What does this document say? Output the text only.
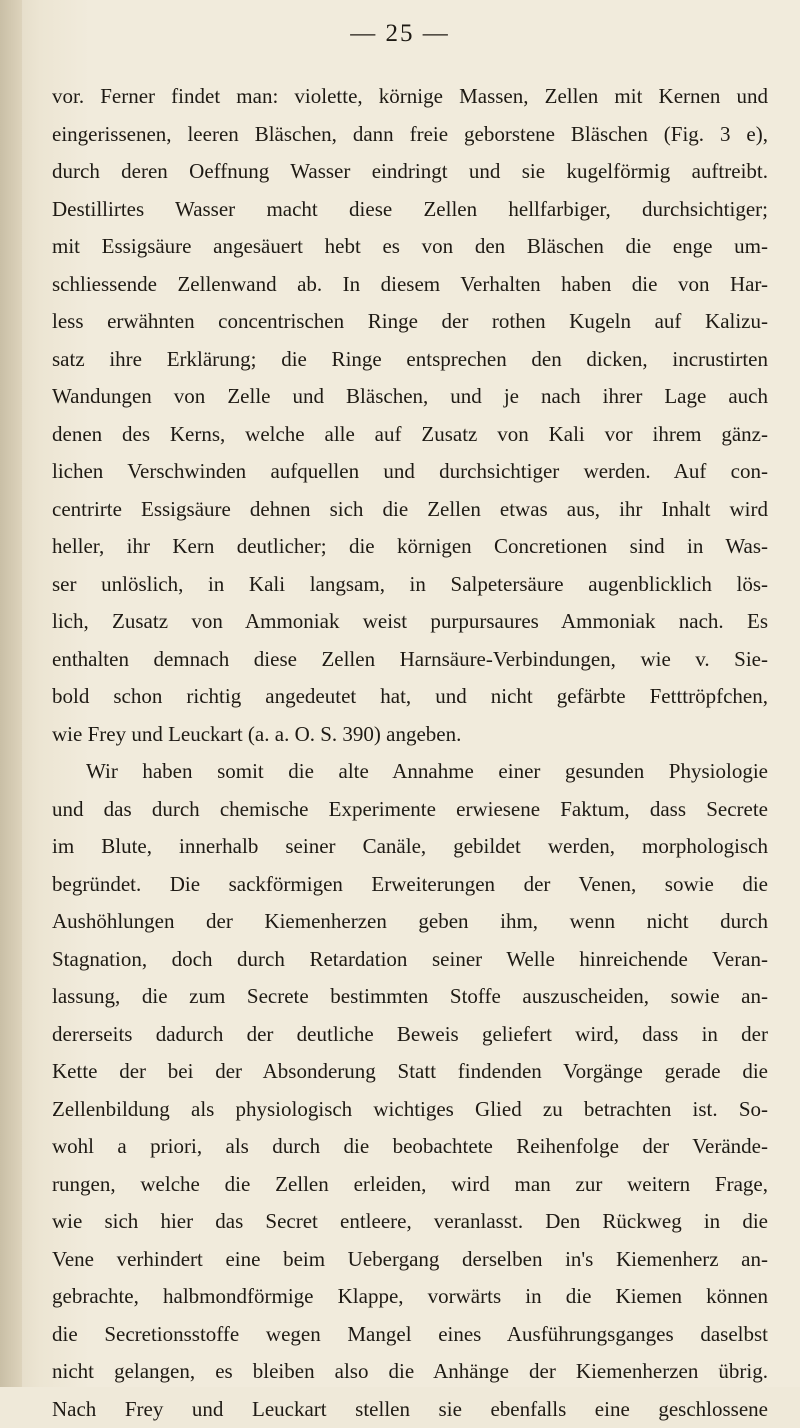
— 25 —
vor. Ferner findet man: violette, körnige Massen, Zellen mit Kernen und
eingerissenen, leeren Bläschen, dann freie geborstene Bläschen (Fig. 3 e),
durch deren Oeffnung Wasser eindringt und sie kugelförmig auftreibt.
Destillirtes Wasser macht diese Zellen hellfarbiger, durchsichtiger;
mit Essigsäure angesäuert hebt es von den Bläschen die enge um-
schliessende Zellenwand ab. In diesem Verhalten haben die von Har-
less erwähnten concentrischen Ringe der rothen Kugeln auf Kalizu-
satz ihre Erklärung; die Ringe entsprechen den dicken, incrustirten
Wandungen von Zelle und Bläschen, und je nach ihrer Lage auch
denen des Kerns, welche alle auf Zusatz von Kali vor ihrem gänz-
lichen Verschwinden aufquellen und durchsichtiger werden. Auf con-
centrirte Essigsäure dehnen sich die Zellen etwas aus, ihr Inhalt wird
heller, ihr Kern deutlicher; die körnigen Concretionen sind in Was-
ser unlöslich, in Kali langsam, in Salpetersäure augenblicklich lös-
lich, Zusatz von Ammoniak weist purpursaures Ammoniak nach. Es
enthalten demnach diese Zellen Harnsäure-Verbindungen, wie v. Sie-
bold schon richtig angedeutet hat, und nicht gefärbte Fetttröpfchen,
wie Frey und Leuckart (a. a. O. S. 390) angeben.
Wir haben somit die alte Annahme einer gesunden Physiologie
und das durch chemische Experimente erwiesene Faktum, dass Secrete
im Blute, innerhalb seiner Canäle, gebildet werden, morphologisch
begründet. Die sackförmigen Erweiterungen der Venen, sowie die
Aushöhlungen der Kiemenherzen geben ihm, wenn nicht durch
Stagnation, doch durch Retardation seiner Welle hinreichende Veran-
lassung, die zum Secrete bestimmten Stoffe auszuscheiden, sowie an-
dererseits dadurch der deutliche Beweis geliefert wird, dass in der
Kette der bei der Absonderung Statt findenden Vorgänge gerade die
Zellenbildung als physiologisch wichtiges Glied zu betrachten ist. So-
wohl a priori, als durch die beobachtete Reihenfolge der Verände-
rungen, welche die Zellen erleiden, wird man zur weitern Frage,
wie sich hier das Secret entleere, veranlasst. Den Rückweg in die
Vene verhindert eine beim Uebergang derselben in's Kiemenherz an-
gebrachte, halbmondförmige Klappe, vorwärts in die Kiemen können
die Secretionsstoffe wegen Mangel eines Ausführungsganges daselbst
nicht gelangen, es bleiben also die Anhänge der Kiemenherzen übrig.
Nach Frey und Leuckart stellen sie ebenfalls eine geschlossene
